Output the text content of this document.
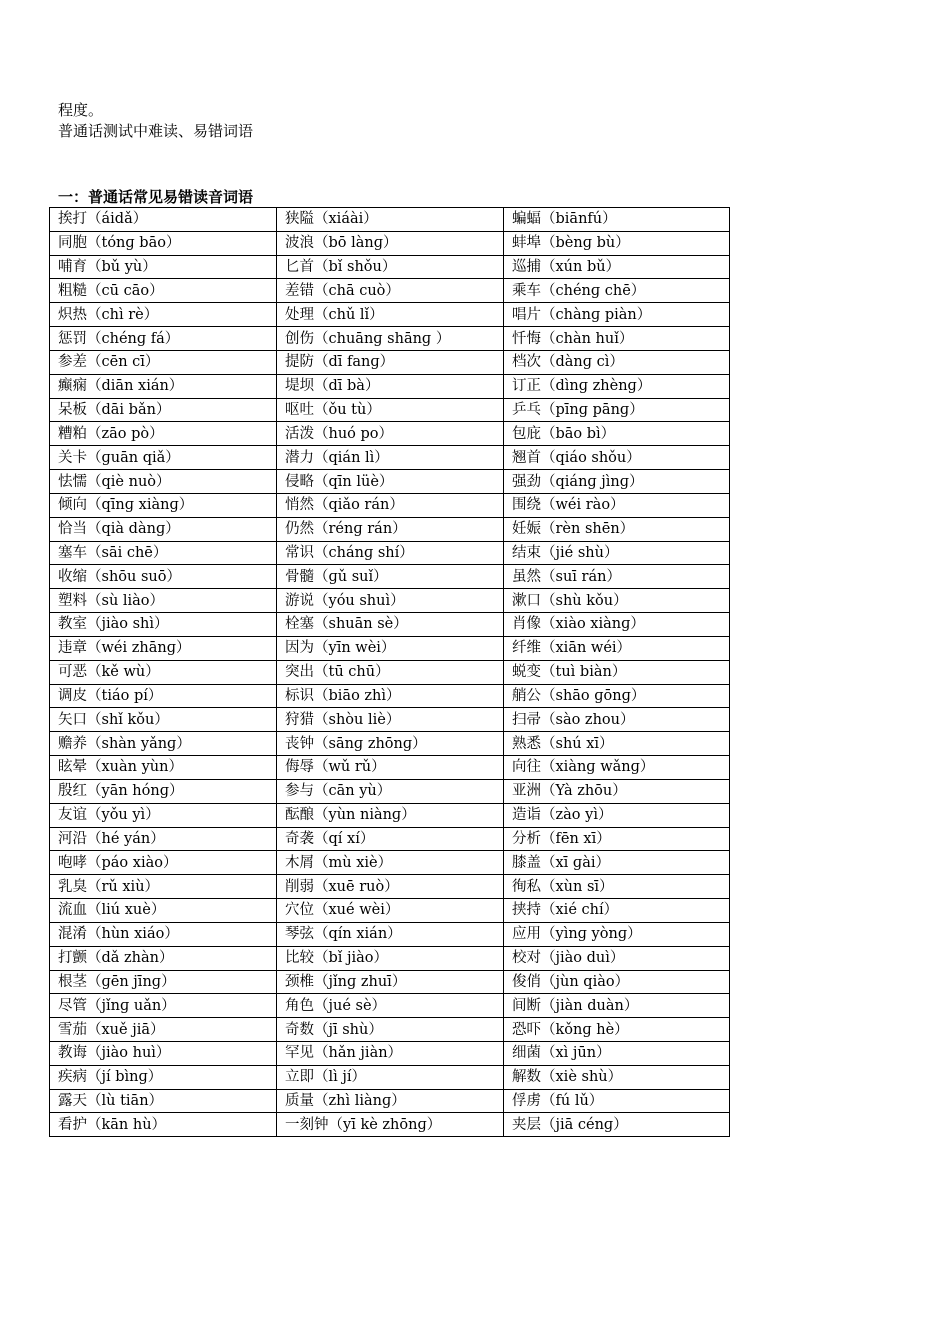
程度。
普通话测试中难读、易错词语
一：普通话常见易错读音词语
挨打（áidǎ）	狭隘（xiáài）	蝙蝠（biānfú）
同胞（tónɡ bāo）	波浪（bō lànɡ）	蚌埠（bènɡ bù）
哺育（bǔ yù）	匕首（bǐ shǒu）	巡捕（xún bǔ）
粗糙（cū cāo）	差错（chā cuò）	乘车（chénɡ chē）
炽热（chì rè）	处理（chǔ lǐ）	唱片（chànɡ piàn）
惩罚（chénɡ fá）	创伤（chuānɡ shānɡ ）	忏悔（chàn huǐ）
参差（cēn cī）	提防（dī fanɡ）	档次（dànɡ cì）
癫痫（diān xián）	堤坝（dī bà）	订正（dìnɡ zhènɡ）
呆板（dāi bǎn）	呕吐（ǒu tù）	乒乓（pīnɡ pānɡ）
糟粕（zāo pò）	活泼（huó po）	包庇（bāo bì）
关卡（ɡuān qiǎ）	潜力（qián lì）	翘首（qiáo shǒu）
怯懦（qiè nuò）	侵略（qīn lüè）	强劲（qiánɡ jìnɡ）
倾向（qīnɡ xiànɡ）	悄然（qiǎo rán）	围绕（wéi rào）
恰当（qià dànɡ）	仍然（rénɡ rán）	妊娠（rèn shēn）
塞车（sāi chē）	常识（chánɡ shí）	结束（jié shù）
收缩（shōu suō）	骨髓（ɡǔ suǐ）	虽然（suī rán）
塑料（sù liào）	游说（yóu shuì）	漱口（shù kǒu）
教室（jiào shì）	栓塞（shuān sè）	肖像（xiào xiànɡ）
违章（wéi zhānɡ）	因为（yīn wèi）	纤维（xiān wéi）
可恶（kě wù）	突出（tū chū）	蜕变（tuì biàn）
调皮（tiáo pí）	标识（biāo zhì）	艄公（shāo ɡōnɡ）
矢口（shǐ kǒu）	狩猎（shòu liè）	扫帚（sào zhou）
赡养（shàn yǎnɡ）	丧钟（sānɡ zhōnɡ）	熟悉（shú xī）
眩晕（xuàn yùn）	侮辱（wǔ rǔ）	向往（xiànɡ wǎnɡ）
殷红（yān hónɡ）	参与（cān yù）	亚洲（Yà zhōu）
友谊（yǒu yì）	酝酿（yùn niànɡ）	造诣（zào yì）
河沿（hé yán）	奇袭（qí xí）	分析（fēn xī）
咆哮（páo xiào）	木屑（mù xiè）	膝盖（xī ɡài）
乳臭（rǔ xiù）	削弱（xuē ruò）	徇私（xùn sī）
流血（liú xuè）	穴位（xué wèi）	挟持（xié chí）
混淆（hùn xiáo）	琴弦（qín xián）	应用（yìnɡ yònɡ）
打颤（dǎ zhàn）	比较（bǐ jiào）	校对（jiào duì）
根茎（ɡēn jīnɡ）	颈椎（jǐnɡ zhuī）	俊俏（jùn qiào）
尽管（jǐnɡ uǎn）	角色（jué sè）	间断（jiàn duàn）
雪茄（xuě jiā）	奇数（jī shù）	恐吓（kǒnɡ hè）
教诲（jiào huì）	罕见（hǎn jiàn）	细菌（xì jūn）
疾病（jí bìnɡ）	立即（lì jí）	解数（xiè shù）
露天（lù tiān）	质量（zhì liànɡ）	俘虏（fú lǔ）
看护（kān hù）	一刻钟（yī kè zhōnɡ）	夹层（jiā cénɡ）
